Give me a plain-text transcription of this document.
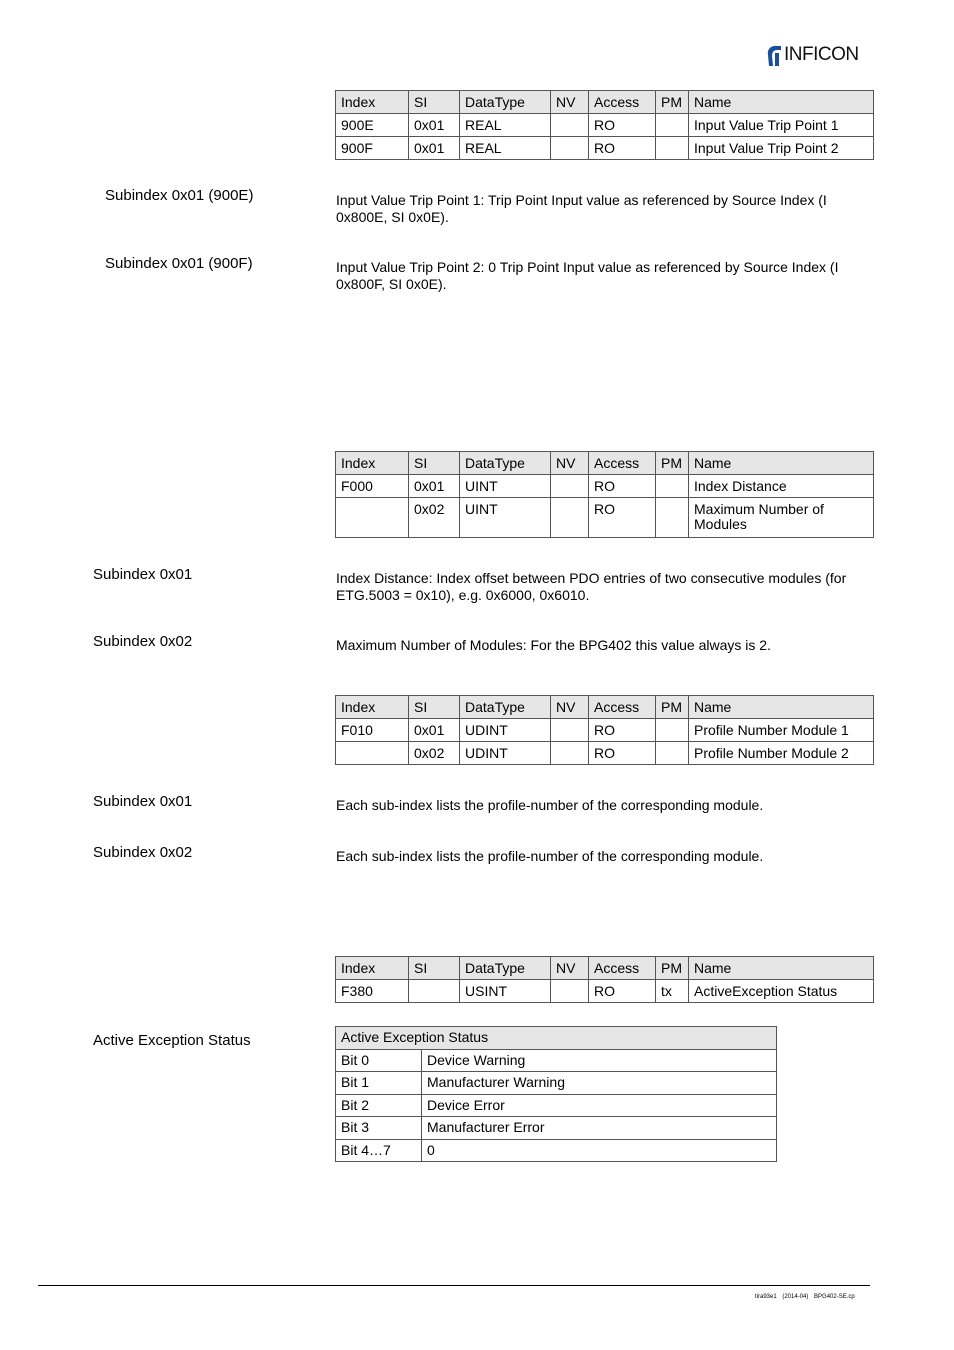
INFICON
Index	SI	DataType	NV	Access	PM	Name
900E	0x01	REAL		RO		Input Value Trip Point 1
900F	0x01	REAL		RO		Input Value Trip Point 2
Subindex 0x01 (900E)	Input Value Trip Point 1: Trip Point Input value as referenced by Source Index (I 0x800E, SI 0x0E).
Subindex 0x01 (900F)	Input Value Trip Point 2: 0 Trip Point Input value as referenced by Source Index (I 0x800F, SI 0x0E).
Index	SI	DataType	NV	Access	PM	Name
F000	0x01	UINT		RO		Index Distance
	0x02	UINT		RO		Maximum Number of Modules
Subindex 0x01	Index Distance: Index offset between PDO entries of two consecutive modules (for ETG.5003 = 0x10), e.g. 0x6000, 0x6010.
Subindex 0x02	Maximum Number of Modules: For the BPG402 this value always is 2.
Index	SI	DataType	NV	Access	PM	Name
F010	0x01	UDINT		RO		Profile Number Module 1
	0x02	UDINT		RO		Profile Number Module 2
Subindex 0x01	Each sub-index lists the profile-number of the corresponding module.
Subindex 0x02	Each sub-index lists the profile-number of the corresponding module.
Index	SI	DataType	NV	Access	PM	Name
F380		USINT		RO	tx	ActiveException Status
Active Exception Status	Active Exception Status	
Bit 0	Device Warning
Bit 1	Manufacturer Warning
Bit 2	Device Error
Bit 3	Manufacturer Error
Bit 4…7	0
tira93e1 (2014-04) BPG402-SE.cp
